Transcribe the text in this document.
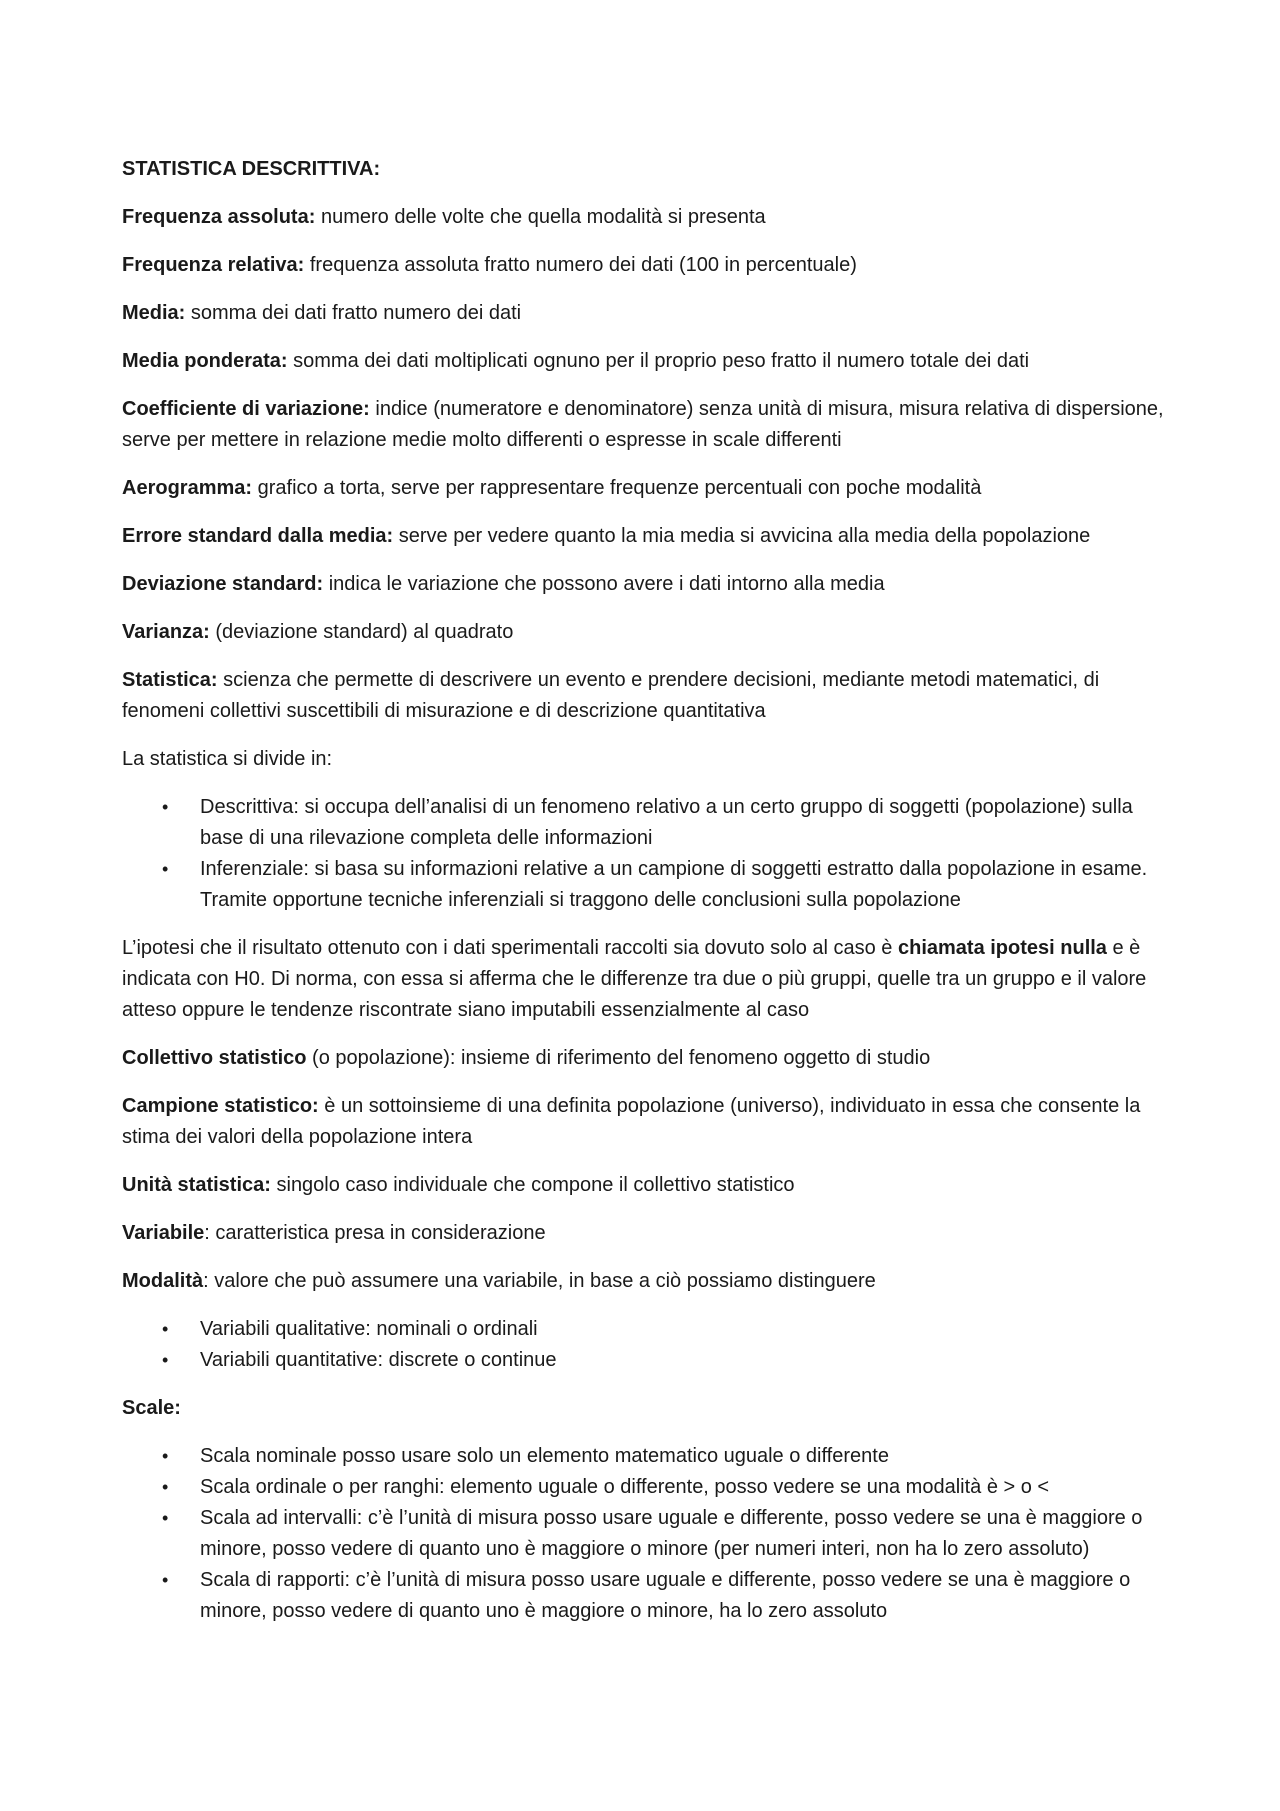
STATISTICA DESCRITTIVA:
Frequenza assoluta: numero delle volte che quella modalità si presenta
Frequenza relativa: frequenza assoluta fratto numero dei dati (100 in percentuale)
Media: somma dei dati fratto numero dei dati
Media ponderata: somma dei dati moltiplicati ognuno per il proprio peso fratto il numero totale dei dati
Coefficiente di variazione: indice (numeratore e denominatore) senza unità di misura, misura relativa di dispersione, serve per mettere in relazione medie molto differenti o espresse in scale differenti
Aerogramma: grafico a torta, serve per rappresentare frequenze percentuali con poche modalità
Errore standard dalla media: serve per vedere quanto la mia media si avvicina alla media della popolazione
Deviazione standard: indica le variazione che possono avere i dati intorno alla media
Varianza: (deviazione standard) al quadrato
Statistica: scienza che permette di descrivere un evento e prendere decisioni, mediante metodi matematici, di fenomeni collettivi suscettibili di misurazione e di descrizione quantitativa
La statistica si divide in:
• Descrittiva: si occupa dell’analisi di un fenomeno relativo a un certo gruppo di soggetti (popolazione) sulla base di una rilevazione completa delle informazioni
• Inferenziale: si basa su informazioni relative a un campione di soggetti estratto dalla popolazione in esame. Tramite opportune tecniche inferenziali si traggono delle conclusioni sulla popolazione
L’ipotesi che il risultato ottenuto con i dati sperimentali raccolti sia dovuto solo al caso è chiamata ipotesi nulla e è indicata con H0. Di norma, con essa si afferma che le differenze tra due o più gruppi, quelle tra un gruppo e il valore atteso oppure le tendenze riscontrate siano imputabili essenzialmente al caso
Collettivo statistico (o popolazione): insieme di riferimento del fenomeno oggetto di studio
Campione statistico: è un sottoinsieme di una definita popolazione (universo), individuato in essa che consente la stima dei valori della popolazione intera
Unità statistica: singolo caso individuale che compone il collettivo statistico
Variabile: caratteristica presa in considerazione
Modalità: valore che può assumere una variabile, in base a ciò possiamo distinguere
• Variabili qualitative: nominali o ordinali
• Variabili quantitative: discrete o continue
Scale:
• Scala nominale posso usare solo un elemento matematico uguale o differente
• Scala ordinale o per ranghi: elemento uguale o differente, posso vedere se una modalità è > o <
• Scala ad intervalli: c’è l’unità di misura posso usare uguale e differente, posso vedere se una è maggiore o minore, posso vedere di quanto uno è maggiore o minore (per numeri interi, non ha lo zero assoluto)
• Scala di rapporti: c’è l’unità di misura posso usare uguale e differente, posso vedere se una è maggiore o minore, posso vedere di quanto uno è maggiore o minore, ha lo zero assoluto
